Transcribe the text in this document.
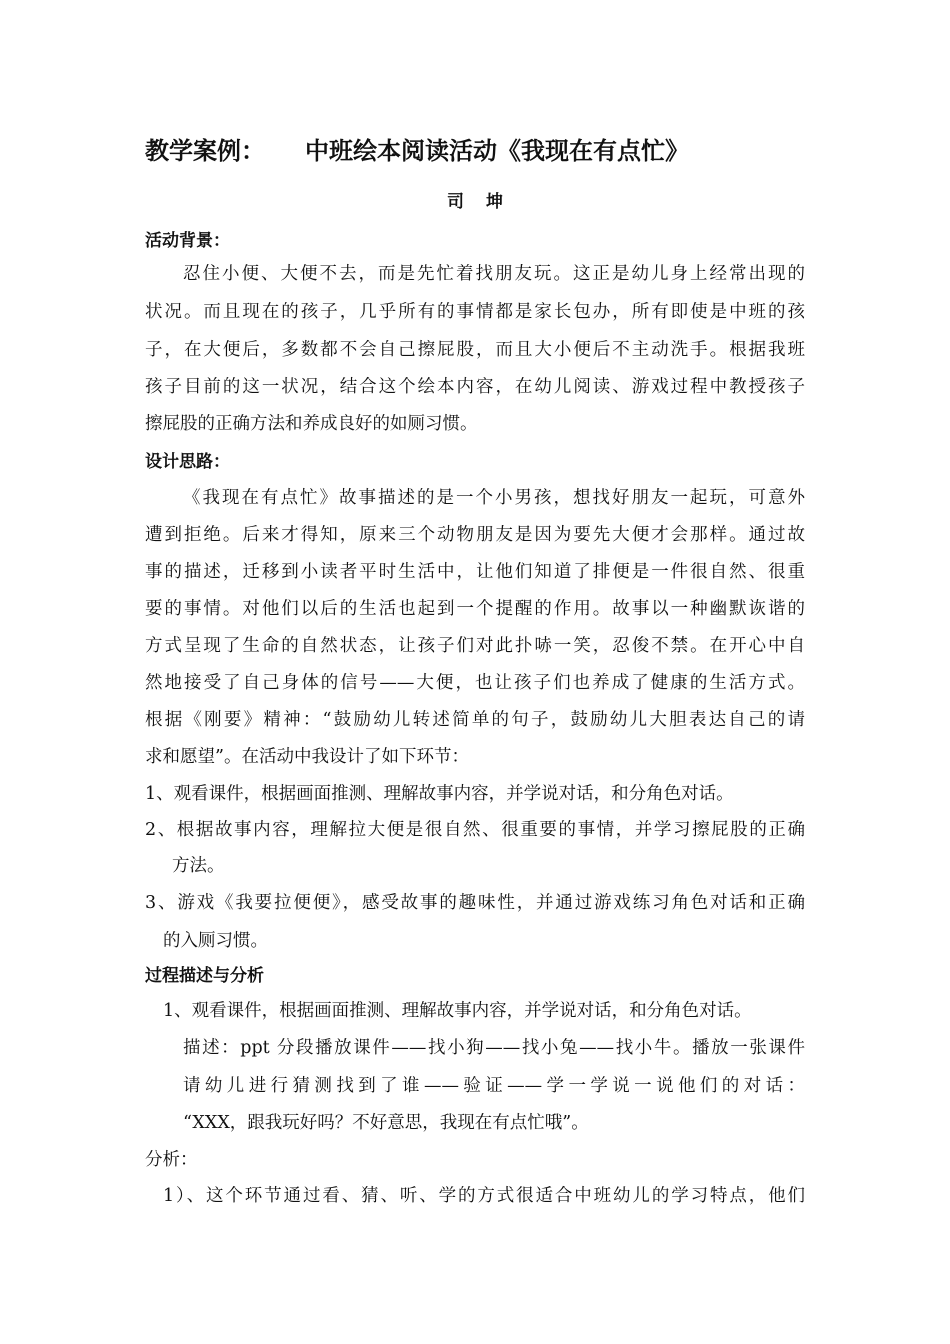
教学案例： 中班绘本阅读活动《我现在有点忙》
司坤
活动背景：
忍住小便、大便不去，而是先忙着找朋友玩。这正是幼儿身上经常出现的
状况。而且现在的孩子，几乎所有的事情都是家长包办，所有即使是中班的孩
子，在大便后，多数都不会自己擦屁股，而且大小便后不主动洗手。根据我班
孩子目前的这一状况，结合这个绘本内容，在幼儿阅读、游戏过程中教授孩子
擦屁股的正确方法和养成良好的如厕习惯。
设计思路：
《我现在有点忙》故事描述的是一个小男孩，想找好朋友一起玩，可意外
遭到拒绝。后来才得知，原来三个动物朋友是因为要先大便才会那样。通过故
事的描述，迁移到小读者平时生活中，让他们知道了排便是一件很自然、很重
要的事情。对他们以后的生活也起到一个提醒的作用。故事以一种幽默诙谐的
方式呈现了生命的自然状态，让孩子们对此扑哧一笑，忍俊不禁。在开心中自
然地接受了自己身体的信号——大便，也让孩子们也养成了健康的生活方式。
根据《刚要》精神：“鼓励幼儿转述简单的句子，鼓励幼儿大胆表达自己的请
求和愿望”。在活动中我设计了如下环节：
1、观看课件，根据画面推测、理解故事内容，并学说对话，和分角色对话。
2、根据故事内容，理解拉大便是很自然、很重要的事情，并学习擦屁股的正确
方法。
3、游戏《我要拉便便》，感受故事的趣味性，并通过游戏练习角色对话和正确
的入厕习惯。
过程描述与分析
1、观看课件，根据画面推测、理解故事内容，并学说对话，和分角色对话。
描述：ppt 分段播放课件——找小狗——找小兔——找小牛。播放一张课件
请幼儿进行猜测找到了谁——验证——学一学说一说他们的对话：
“XXX，跟我玩好吗？不好意思，我现在有点忙哦”。
分析：
1）、这个环节通过看、猜、听、学的方式很适合中班幼儿的学习特点，他们
